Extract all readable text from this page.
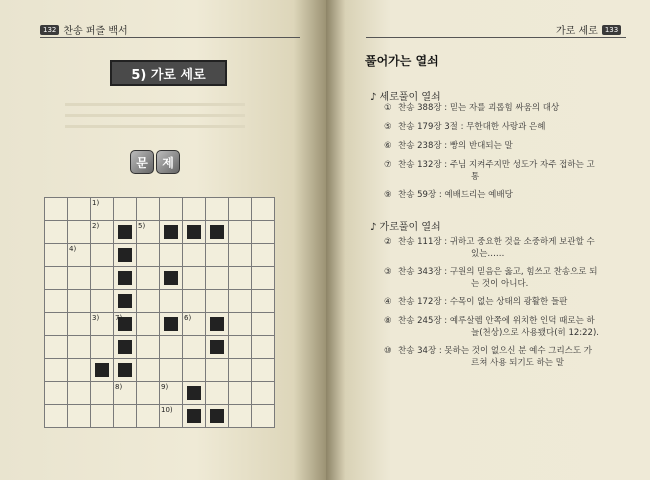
132 찬송 퍼즐 백서
5) 가로 세로
문	제

		1)							

		2)		5)					

	4)								

		3)	7)			6)			

			8)		9)				

					10)				

가로 세로	133
풀어가는 열쇠
♪ 세로풀이 열쇠
① 찬송 388장 : 믿는 자를 괴롭힘 싸움의 대상
⑤ 찬송 179장 3절 : 무한대한 사랑과 은혜
⑥ 찬송 238장 : 빵의 반대되는 말
⑦ 찬송 132장 : 주님 지켜주지만 성도가 자주 접하는 고
통
⑨ 찬송 59장 : 예배드리는 예배당
♪ 가로풀이 열쇠
② 찬송 111장 : 귀하고 중요한 것을 소중하게 보관할 수
있는……
③ 찬송 343장 : 구원의 믿음은 옳고, 힘쓰고 찬송으로 되
는 것이 아니다.
④ 찬송 172장 : 수목이 없는 상태의 광활한 들판
⑧ 찬송 245장 : 예루살렘 안쪽에 위치한 인덕 때로는 하
늘(천상)으로 사용됐다(히 12:22).
⑩ 찬송 34장 : 못하는 것이 없으신 분 예수 그리스도 가
르쳐 사용 되기도 하는 말
